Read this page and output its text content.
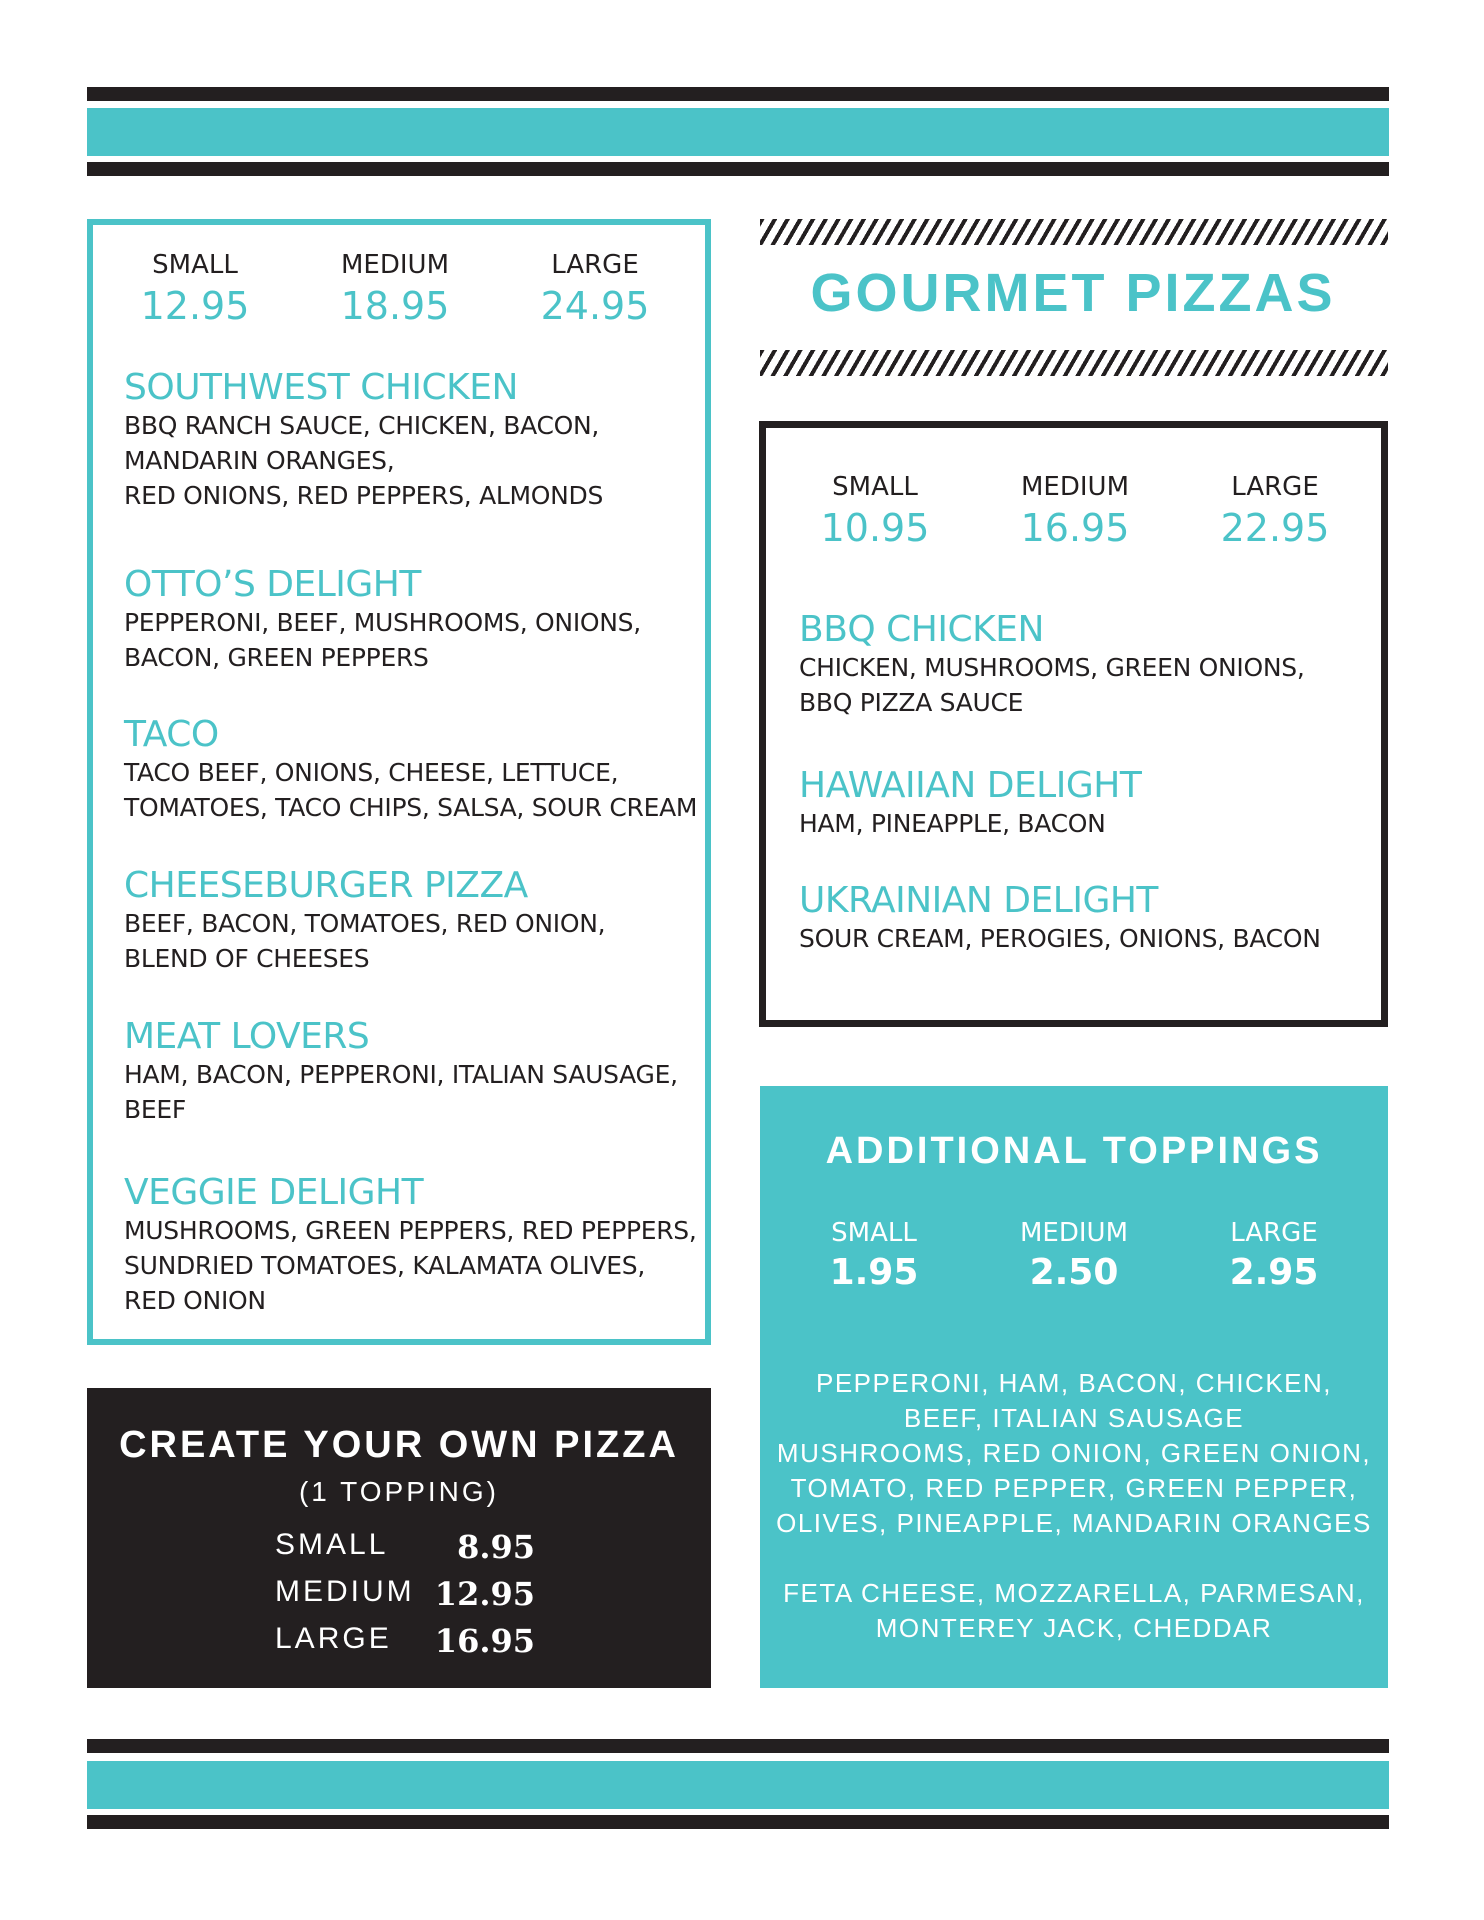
SMALL
12.95
MEDIUM
18.95
LARGE
24.95
SOUTHWEST CHICKEN
BBQ RANCH SAUCE, CHICKEN, BACON,
MANDARIN ORANGES,
RED ONIONS, RED PEPPERS, ALMONDS
OTTO’S DELIGHT
PEPPERONI, BEEF, MUSHROOMS, ONIONS,
BACON, GREEN PEPPERS
TACO
TACO BEEF, ONIONS, CHEESE, LETTUCE,
TOMATOES, TACO CHIPS, SALSA, SOUR CREAM
CHEESEBURGER PIZZA
BEEF, BACON, TOMATOES, RED ONION,
BLEND OF CHEESES
MEAT LOVERS
HAM, BACON, PEPPERONI, ITALIAN SAUSAGE,
BEEF
VEGGIE DELIGHT
MUSHROOMS, GREEN PEPPERS, RED PEPPERS,
SUNDRIED TOMATOES, KALAMATA OLIVES,
RED ONION
GOURMET PIZZAS
SMALL
10.95
MEDIUM
16.95
LARGE
22.95
BBQ CHICKEN
CHICKEN, MUSHROOMS, GREEN ONIONS,
BBQ PIZZA SAUCE
HAWAIIAN DELIGHT
HAM, PINEAPPLE, BACON
UKRAINIAN DELIGHT
SOUR CREAM, PEROGIES, ONIONS, BACON
CREATE YOUR OWN PIZZA
(1 TOPPING)
SMALL 8.95
MEDIUM 12.95
LARGE 16.95
ADDITIONAL TOPPINGS
SMALL
1.95
MEDIUM
2.50
LARGE
2.95
PEPPERONI, HAM, BACON, CHICKEN,
BEEF, ITALIAN SAUSAGE
MUSHROOMS, RED ONION, GREEN ONION,
TOMATO, RED PEPPER, GREEN PEPPER,
OLIVES, PINEAPPLE, MANDARIN ORANGES
FETA CHEESE, MOZZARELLA, PARMESAN,
MONTEREY JACK, CHEDDAR
